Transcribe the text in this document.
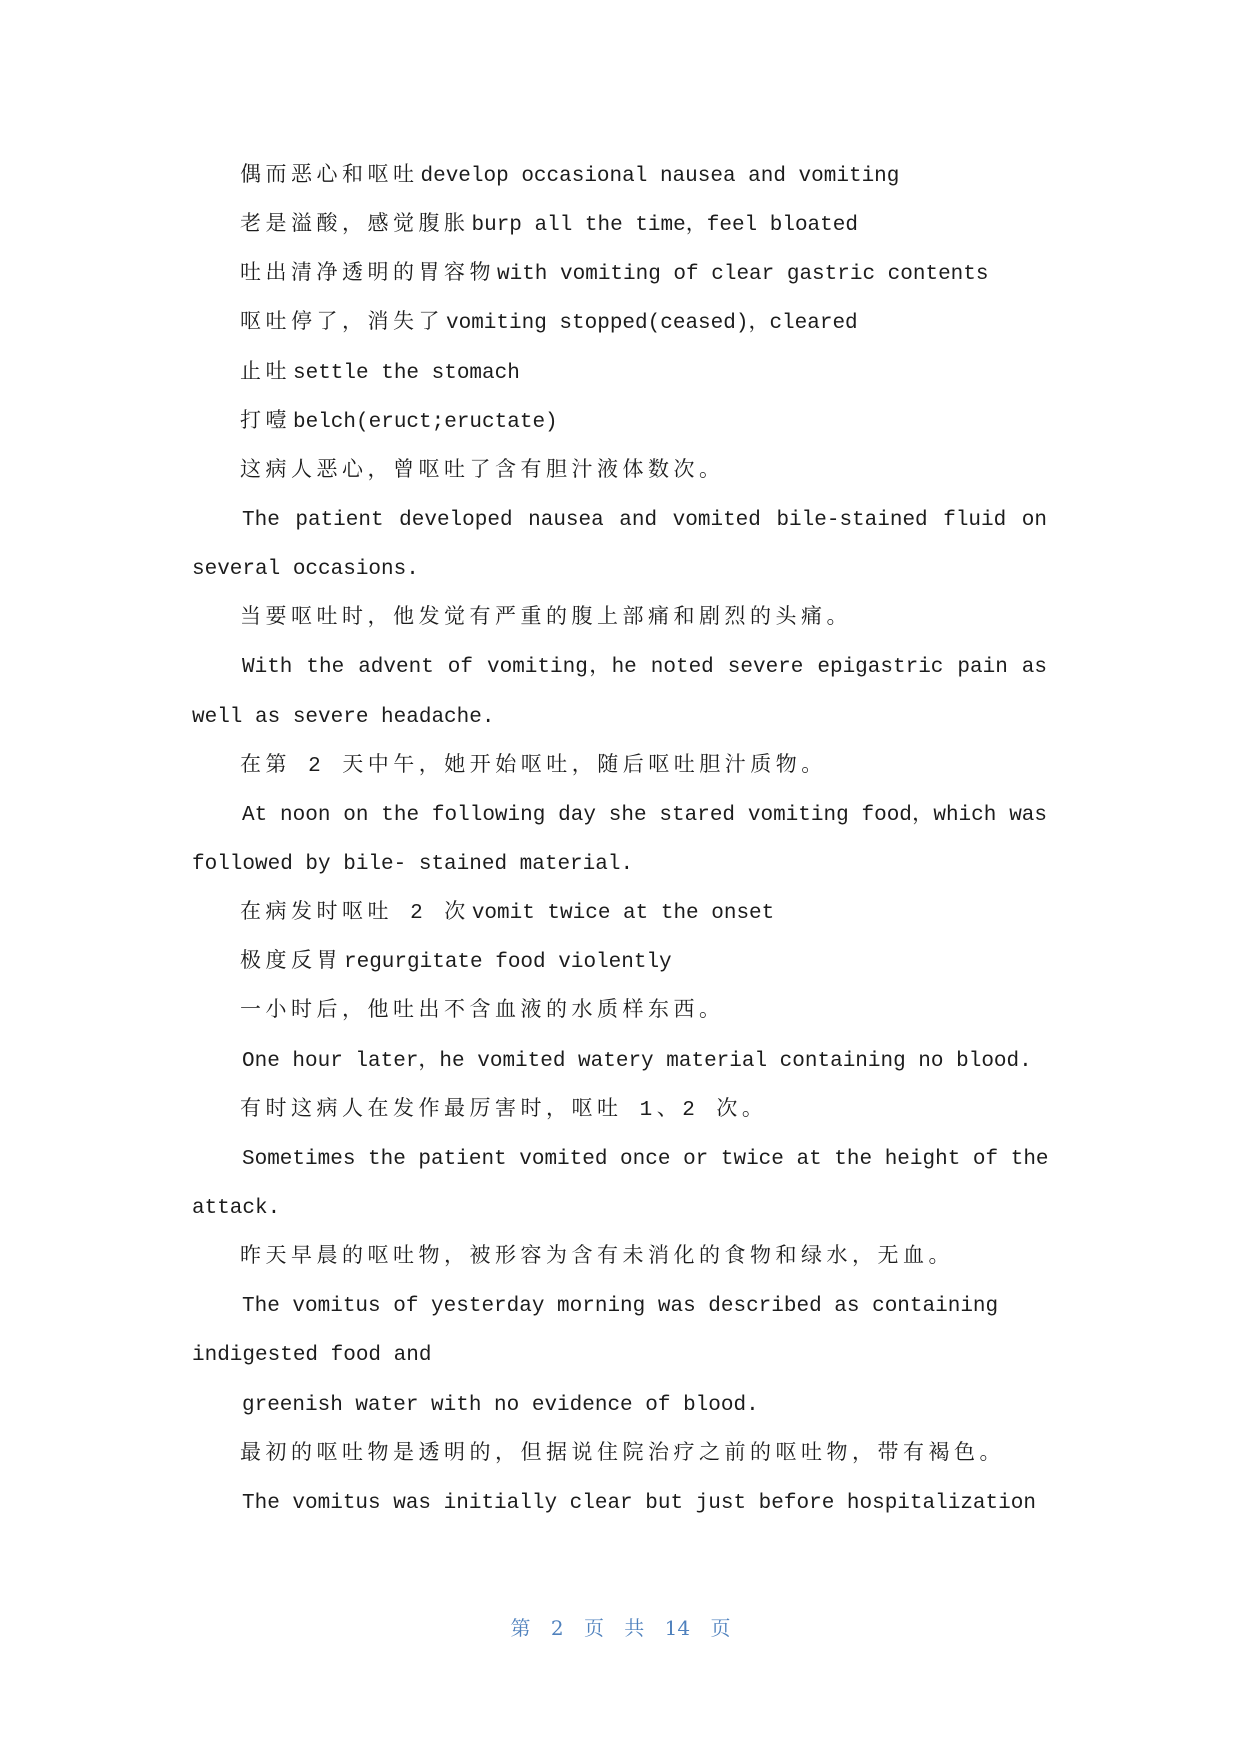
偶而恶心和呕吐develop occasional nausea and vomiting
老是溢酸，感觉腹胀burp all the time，feel bloated
吐出清净透明的胃容物with vomiting of clear gastric contents
呕吐停了，消失了vomiting stopped(ceased)，cleared
止吐settle the stomach
打噎belch(eruct;eructate)
这病人恶心，曾呕吐了含有胆汁液体数次。
The patient developed nausea and vomited bile-stained fluid on
several occasions.
当要呕吐时，他发觉有严重的腹上部痛和剧烈的头痛。
With the advent of vomiting，he noted severe epigastric pain as
well as severe headache.
在第 2 天中午，她开始呕吐，随后呕吐胆汁质物。
At noon on the following day she stared vomiting food，which was
followed by bile- stained material.
在病发时呕吐 2 次vomit twice at the onset
极度反胃regurgitate food violently
一小时后，他吐出不含血液的水质样东西。
One hour later，he vomited watery material containing no blood.
有时这病人在发作最厉害时，呕吐 1、2 次。
Sometimes the patient vomited once or twice at the height of the
attack.
昨天早晨的呕吐物，被形容为含有未消化的食物和绿水，无血。
The vomitus of yesterday morning was described as containing
indigested food and
greenish water with no evidence of blood.
最初的呕吐物是透明的，但据说住院治疗之前的呕吐物，带有褐色。
The vomitus was initially clear but just before hospitalization
第 2 页 共 14 页
